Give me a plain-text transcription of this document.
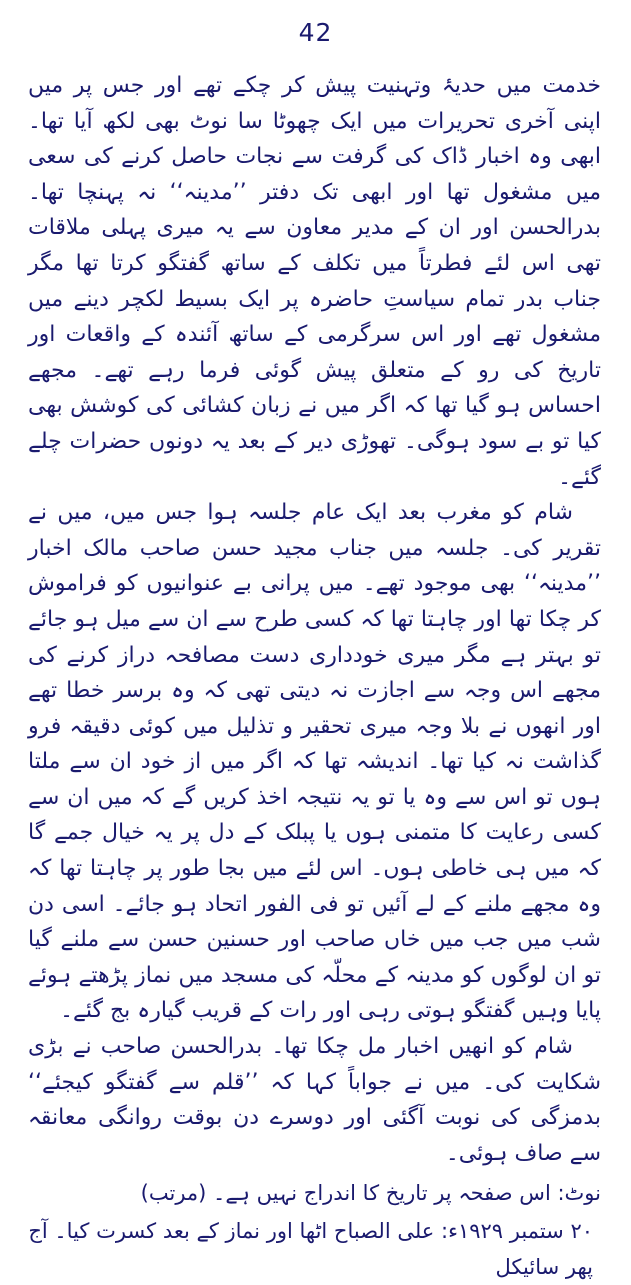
42

خدمت میں حدیۂ وتہنیت پیش کر چکے تھے اور جس پر میں اپنی آخری تحریرات میں ایک چھوٹا سا نوٹ بھی لکھ آیا تھا۔ ابھی وہ اخبار ڈاک کی گرفت سے نجات حاصل کرنے کی سعی میں مشغول تھا اور ابھی تک دفتر ’’مدینہ‘‘ نہ پہنچا تھا۔ بدرالحسن اور ان کے مدیر معاون سے یہ میری پہلی ملاقات تھی اس لئے فطرتاً میں تکلف کے ساتھ گفتگو کرتا تھا مگر جناب بدر تمام سیاستِ حاضرہ پر ایک بسیط لکچر دینے میں مشغول تھے اور اس سرگرمی کے ساتھ آئندہ کے واقعات اور تاریخ کی رو کے متعلق پیش گوئی فرما رہے تھے۔ مجھے احساس ہو گیا تھا کہ اگر میں نے زبان کشائی کی کوشش بھی کیا تو بے سود ہوگی۔ تھوڑی دیر کے بعد یہ دونوں حضرات چلے گئے۔

شام کو مغرب بعد ایک عام جلسہ ہوا جس میں، میں نے تقریر کی۔ جلسہ میں جناب مجید حسن صاحب مالک اخبار ’’مدینہ‘‘ بھی موجود تھے۔ میں پرانی بے عنوانیوں کو فراموش کر چکا تھا اور چاہتا تھا کہ کسی طرح سے ان سے میل ہو جائے تو بہتر ہے مگر میری خودداری دست مصافحہ دراز کرنے کی مجھے اس وجہ سے اجازت نہ دیتی تھی کہ وہ برسر خطا تھے اور انھوں نے بلا وجہ میری تحقیر و تذلیل میں کوئی دقیقہ فرو گذاشت نہ کیا تھا۔ اندیشہ تھا کہ اگر میں از خود ان سے ملتا ہوں تو اس سے وہ یا تو یہ نتیجہ اخذ کریں گے کہ میں ان سے کسی رعایت کا متمنی ہوں یا پبلک کے دل پر یہ خیال جمے گا کہ میں ہی خاطی ہوں۔ اس لئے میں بجا طور پر چاہتا تھا کہ وہ مجھے ملنے کے لے آئیں تو فی الفور اتحاد ہو جائے۔ اسی دن شب میں جب میں خاں صاحب اور حسنین حسن سے ملنے گیا تو ان لوگوں کو مدینہ کے محلّہ کی مسجد میں نماز پڑھتے ہوئے پایا وہیں گفتگو ہوتی رہی اور رات کے قریب گیارہ بج گئے۔

شام کو انھیں اخبار مل چکا تھا۔ بدرالحسن صاحب نے بڑی شکایت کی۔ میں نے جواباً کہا کہ ’’قلم سے گفتگو کیجئے‘‘ بدمزگی کی نوبت آگئی اور دوسرے دن بوقت روانگی معانقہ سے صاف ہوئی۔

نوٹ: اس صفحہ پر تاریخ کا اندراج نہیں ہے۔ (مرتب)

۲۰ ستمبر ۱۹۲۹ء: علی الصباح اٹھا اور نماز کے بعد کسرت کیا۔ آج پھر سائیکل
